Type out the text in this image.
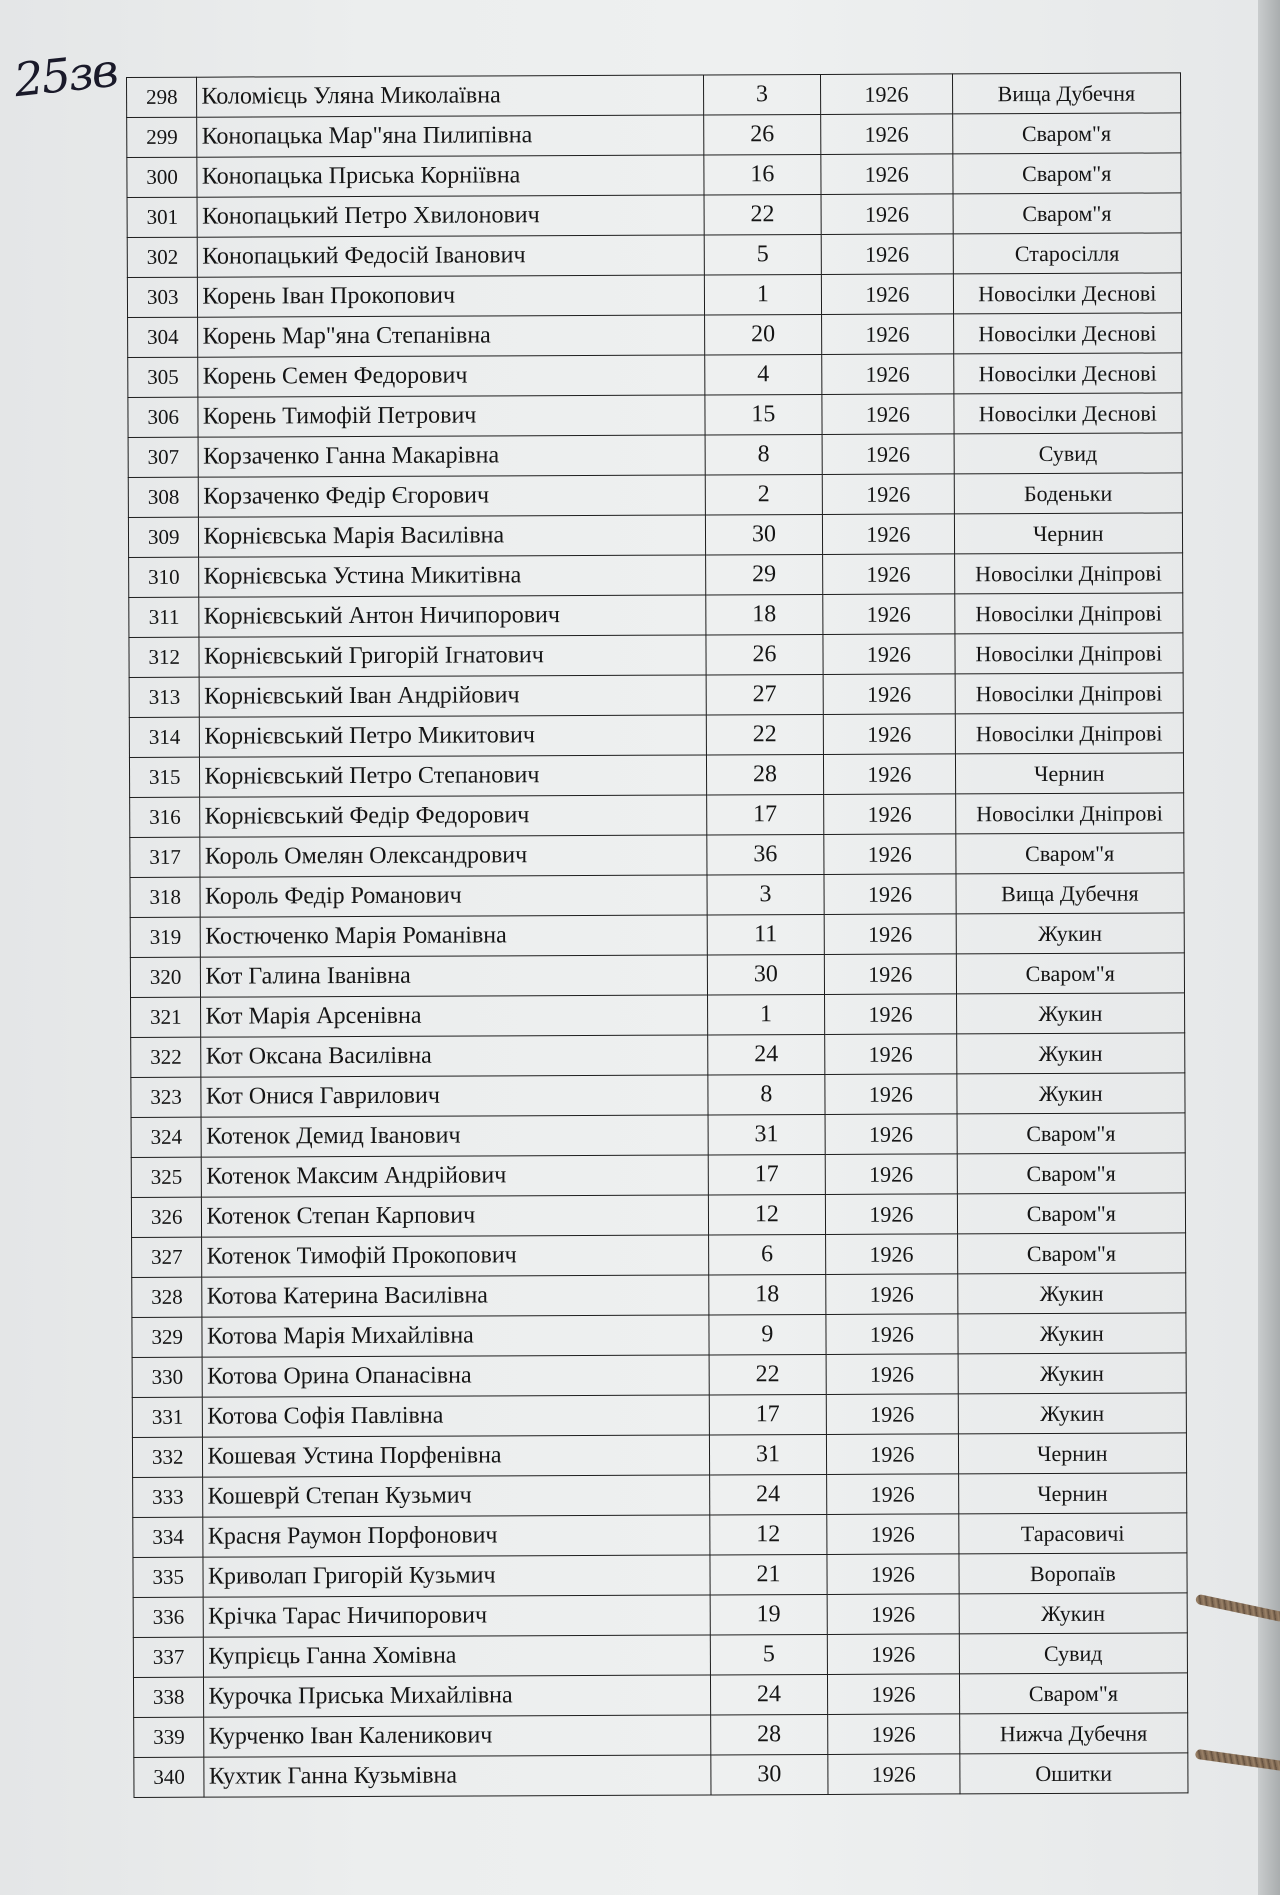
25зв 298	Коломієць Уляна Миколаївна	3	1926	Вища Дубечня
299	Конопацька Мар"яна Пилипівна	26	1926	Сваром"я
300	Конопацька Приська Корніївна	16	1926	Сваром"я
301	Конопацький Петро Хвилонович	22	1926	Сваром"я
302	Конопацький Федосій Іванович	5	1926	Старосілля
303	Корень Іван Прокопович	1	1926	Новосілки Деснові
304	Корень Мар"яна Степанівна	20	1926	Новосілки Деснові
305	Корень Семен Федорович	4	1926	Новосілки Деснові
306	Корень Тимофій Петрович	15	1926	Новосілки Деснові
307	Корзаченко Ганна Макарівна	8	1926	Сувид
308	Корзаченко Федір Єгорович	2	1926	Боденьки
309	Корнієвська Марія Василівна	30	1926	Чернин
310	Корнієвська Устина Микитівна	29	1926	Новосілки Дніпрові
311	Корнієвський Антон Ничипорович	18	1926	Новосілки Дніпрові
312	Корнієвський Григорій Ігнатович	26	1926	Новосілки Дніпрові
313	Корнієвський Іван Андрійович	27	1926	Новосілки Дніпрові
314	Корнієвський Петро Микитович	22	1926	Новосілки Дніпрові
315	Корнієвський Петро Степанович	28	1926	Чернин
316	Корнієвський Федір Федорович	17	1926	Новосілки Дніпрові
317	Король Омелян Олександрович	36	1926	Сваром"я
318	Король Федір Романович	3	1926	Вища Дубечня
319	Костюченко Марія Романівна	11	1926	Жукин
320	Кот Галина Іванівна	30	1926	Сваром"я
321	Кот Марія Арсенівна	1	1926	Жукин
322	Кот Оксана Василівна	24	1926	Жукин
323	Кот Онися Гаврилович	8	1926	Жукин
324	Котенок Демид Іванович	31	1926	Сваром"я
325	Котенок Максим Андрійович	17	1926	Сваром"я
326	Котенок Степан Карпович	12	1926	Сваром"я
327	Котенок Тимофій Прокопович	6	1926	Сваром"я
328	Котова Катерина Василівна	18	1926	Жукин
329	Котова Марія Михайлівна	9	1926	Жукин
330	Котова Орина Опанасівна	22	1926	Жукин
331	Котова Софія Павлівна	17	1926	Жукин
332	Кошевая Устина Порфенівна	31	1926	Чернин
333	Кошеврй Степан Кузьмич	24	1926	Чернин
334	Красня Раумон Порфонович	12	1926	Тарасовичі
335	Криволап Григорій Кузьмич	21	1926	Воропаїв
336	Крічка Тарас Ничипорович	19	1926	Жукин
337	Купрієць Ганна Хомівна	5	1926	Сувид
338	Курочка Приська Михайлівна	24	1926	Сваром"я
339	Курченко Іван Каленикович	28	1926	Нижча Дубечня
340	Кухтик Ганна Кузьмівна	30	1926	Ошитки
